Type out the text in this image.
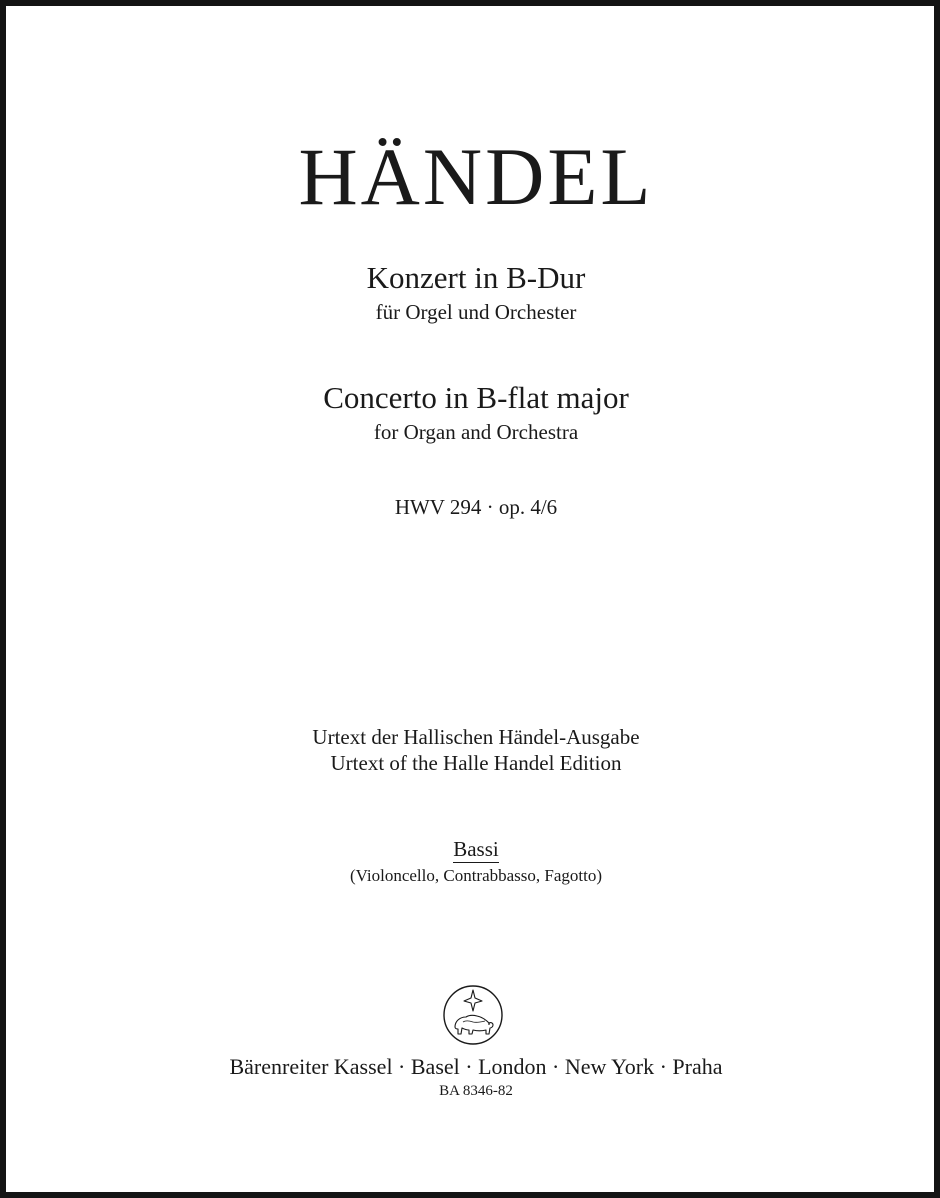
HÄNDEL
Konzert in B-Dur
für Orgel und Orchester
Concerto in B-flat major
for Organ and Orchestra
HWV 294 · op. 4/6
Urtext der Hallischen Händel-Ausgabe
Urtext of the Halle Handel Edition
Bassi
(Violoncello, Contrabbasso, Fagotto)
Bärenreiter Kassel · Basel · London · New York · Praha
BA 8346-82
